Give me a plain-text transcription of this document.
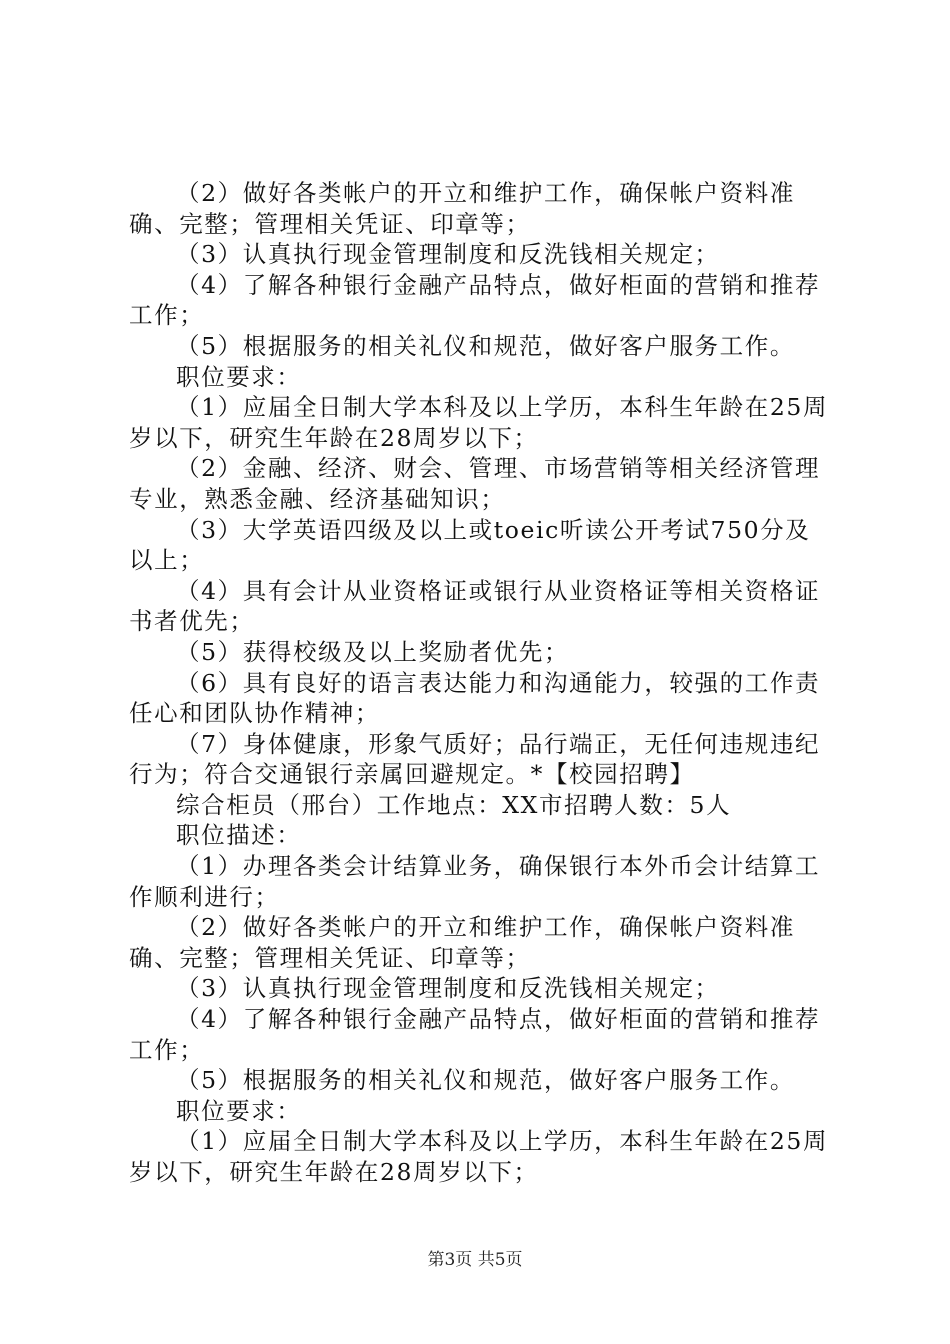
（2）做好各类帐户的开立和维护工作，确保帐户资料准确、完整；管理相关凭证、印章等；

（3）认真执行现金管理制度和反洗钱相关规定；

（4）了解各种银行金融产品特点，做好柜面的营销和推荐工作；

（5）根据服务的相关礼仪和规范，做好客户服务工作。

职位要求：

（1）应届全日制大学本科及以上学历，本科生年龄在25周岁以下，研究生年龄在28周岁以下；

（2）金融、经济、财会、管理、市场营销等相关经济管理专业，熟悉金融、经济基础知识；

（3）大学英语四级及以上或toeic听读公开考试750分及以上；

（4）具有会计从业资格证或银行从业资格证等相关资格证书者优先；

（5）获得校级及以上奖励者优先；

（6）具有良好的语言表达能力和沟通能力，较强的工作责任心和团队协作精神；

（7）身体健康，形象气质好；品行端正，无任何违规违纪行为；符合交通银行亲属回避规定。*【校园招聘】

综合柜员（邢台）工作地点：XX市招聘人数：5人

职位描述：

（1）办理各类会计结算业务，确保银行本外币会计结算工作顺利进行；

（2）做好各类帐户的开立和维护工作，确保帐户资料准确、完整；管理相关凭证、印章等；

（3）认真执行现金管理制度和反洗钱相关规定；

（4）了解各种银行金融产品特点，做好柜面的营销和推荐工作；

（5）根据服务的相关礼仪和规范，做好客户服务工作。

职位要求：

（1）应届全日制大学本科及以上学历，本科生年龄在25周岁以下，研究生年龄在28周岁以下；

第3页 共5页
